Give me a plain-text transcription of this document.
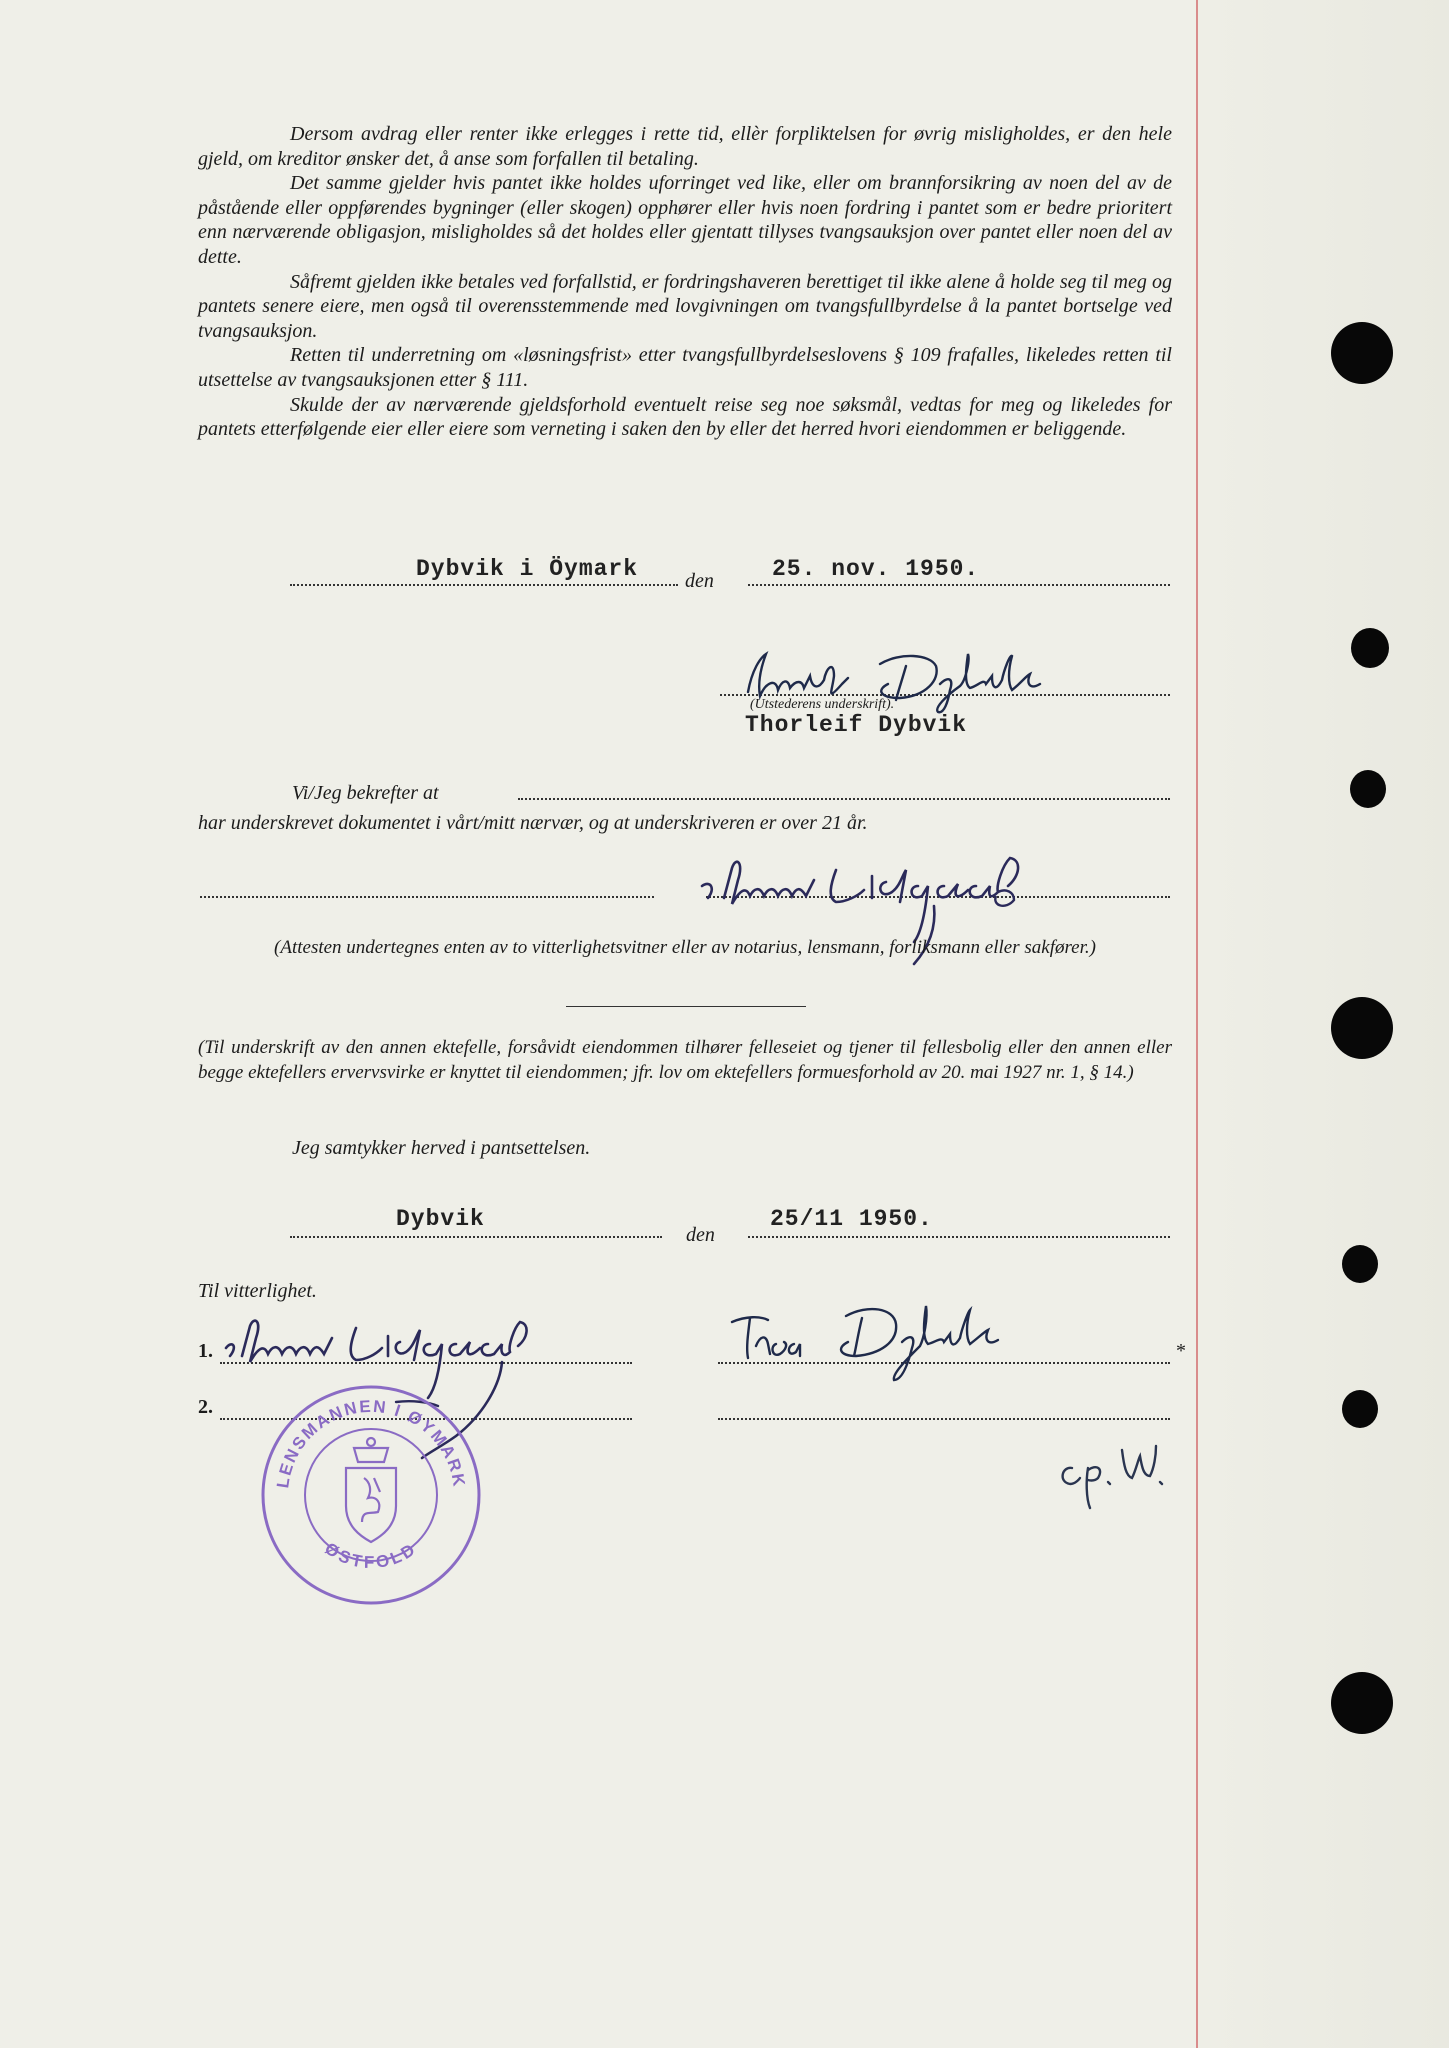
Dersom avdrag eller renter ikke erlegges i rette tid, ellèr forpliktelsen for øvrig misligholdes, er den hele gjeld, om kreditor ønsker det, å anse som forfallen til betaling.

Det samme gjelder hvis pantet ikke holdes uforringet ved like, eller om brannforsikring av noen del av de påstående eller oppførendes bygninger (eller skogen) opphører eller hvis noen fordring i pantet som er bedre prioritert enn nærværende obligasjon, misligholdes så det holdes eller gjentatt tillyses tvangsauksjon over pantet eller noen del av dette.

Såfremt gjelden ikke betales ved forfallstid, er fordringshaveren berettiget til ikke alene å holde seg til meg og pantets senere eiere, men også til overensstemmende med lovgivningen om tvangsfullbyrdelse å la pantet bortselge ved tvangsauksjon.

Retten til underretning om «løsningsfrist» etter tvangsfullbyrdelseslovens § 109 frafalles, likeledes retten til utsettelse av tvangsauksjonen etter § 111.

Skulde der av nærværende gjeldsforhold eventuelt reise seg noe søksmål, vedtas for meg og likeledes for pantets etterfølgende eier eller eiere som verneting i saken den by eller det herred hvori eiendommen er beliggende.

Dybvik i Öymark den	25. nov. 1950.
(Utstederens underskrift).
Thorleif Dybvik
Vi/Jeg bekrefter at
har underskrevet dokumentet i vårt/mitt nærvær, og at underskriveren er over 21 år.
(Attesten undertegnes enten av to vitterlighetsvitner eller av notarius, lensmann, forliksmann eller sakfører.)
(Til underskrift av den annen ektefelle, forsåvidt eiendommen tilhører felleseiet og tjener til fellesbolig eller den annen eller begge ektefellers ervervsvirke er knyttet til eiendommen; jfr. lov om ektefellers formuesforhold av 20. mai 1927 nr. 1, § 14.)
Jeg samtykker herved i pantsettelsen.
Dybvik
den
25/11 1950.
Til vitterlighet.
1.	*
2.
LENSMANNEN I ØYMARK
ØSTFOLD
